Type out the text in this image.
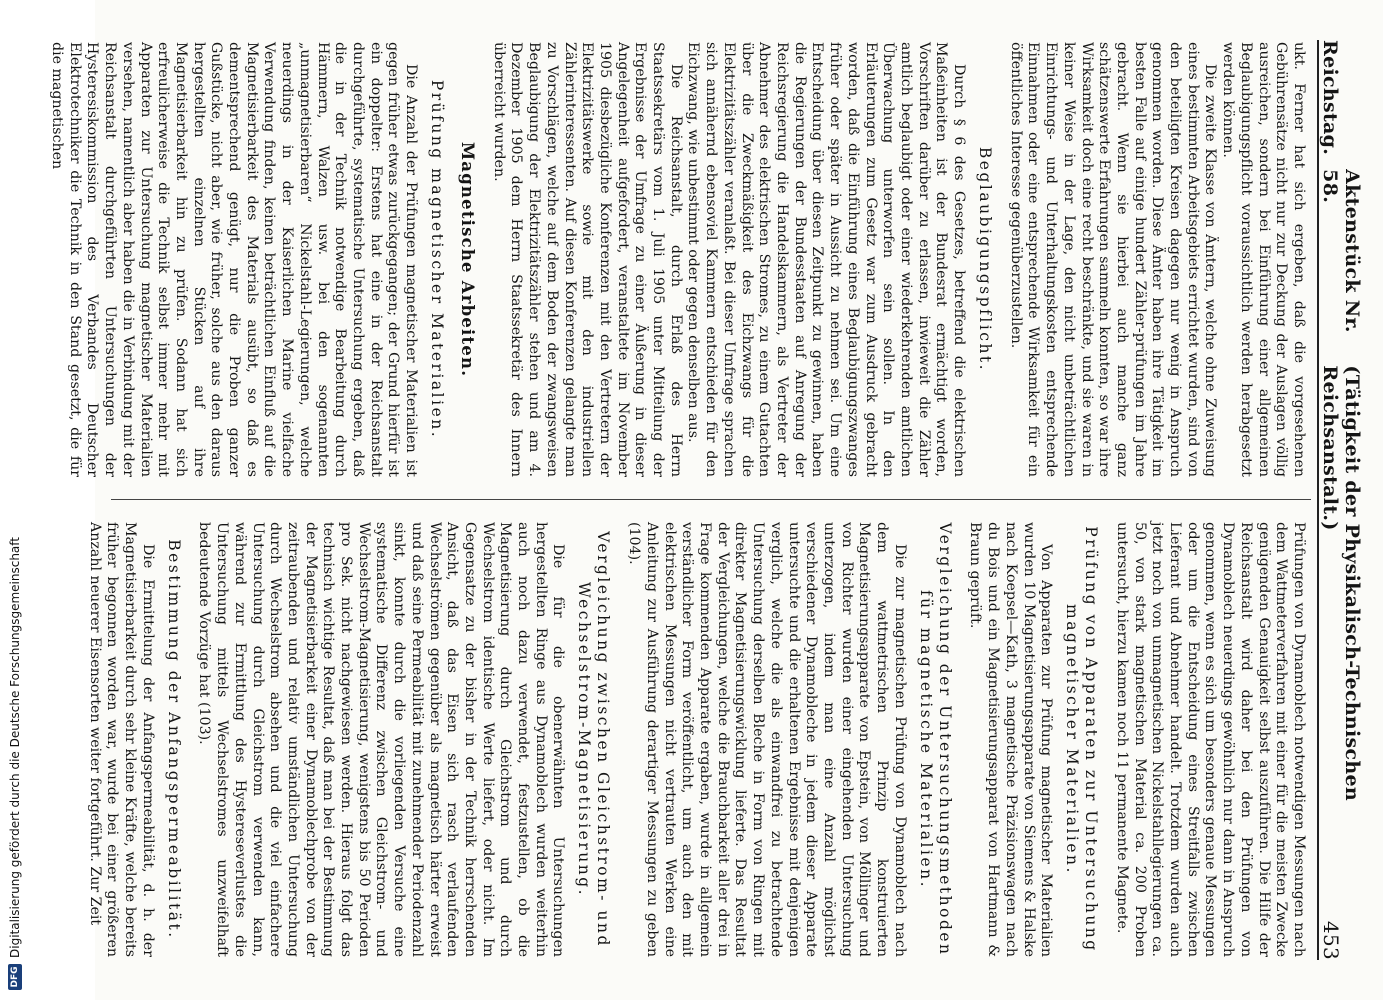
DFG
Digitalisierung gefördert durch die Deutsche Forschungsgemeinschaft
Reichstag.
Aktenstück Nr. 58.
(Tätigkeit der Physikalisch-Technischen Reichsanstalt.)
453

ukt. Ferner hat sich ergeben, daß die vorgesehenen Gebührensätze nicht nur zur Deckung der Auslagen völlig ausreichen, sondern bei Einführung einer allgemeinen Beglaubigungspflicht voraussichtlich werden herabgesetzt werden können.

Die zweite Klasse von Ämtern, welche ohne Zuweisung eines bestimmten Arbeitsgebiets errichtet wurden, sind von den beteiligten Kreisen dagegen nur wenig in Anspruch genommen worden. Diese Ämter haben ihre Tätigkeit im besten Falle auf einige hundert Zähler-prüfungen im Jahre gebracht. Wenn sie hierbei auch manche ganz schätzenswerte Erfahrungen sammeln konnten, so war ihre Wirksamkeit doch eine recht beschränkte, und sie waren in keiner Weise in der Lage, den nicht unbeträchtlichen Einrichtungs- und Unterhaltungskosten entsprechende Einnahmen oder eine entsprechende Wirksamkeit für ein öffentliches Interesse gegenüberzustellen.

Beglaubigungspflicht.

Durch § 6 des Gesetzes, betreffend die elektrischen Maßeinheiten ist der Bundesrat ermächtigt worden, Vorschriften darüber zu erlassen, inwieweit die Zähler amtlich beglaubigt oder einer wiederkehrenden amtlichen Überwachung unterworfen sein sollen. In den Erläuterungen zum Gesetz war zum Ausdruck gebracht worden, daß die Einführung eines Beglaubigungszwanges früher oder später in Aussicht zu nehmen sei. Um eine Entscheidung über diesen Zeitpunkt zu gewinnen, haben die Regierungen der Bundesstaaten auf Anregung der Reichsregierung die Handelskammern, als Vertreter der Abnehmer des elektrischen Stromes, zu einem Gutachten über die Zweckmäßigkeit des Eichzwangs für die Elektrizitätszähler veranlaßt. Bei dieser Umfrage sprachen sich annähernd ebensoviel Kammern entschieden für den Eichzwang, wie unbestimmt oder gegen denselben aus.

Die Reichsanstalt, durch Erlaß des Herrn Staatssekretärs vom 1. Juli 1905 unter Mitteilung der Ergebnisse der Umfrage zu einer Äußerung in dieser Angelegenheit aufgefordert, veranstaltete im November 1905 diesbezügliche Konferenzen mit den Vertretern der Elektrizitätswerke sowie mit den industriellen Zählerinteressenten. Auf diesen Konferenzen gelangte man zu Vorschlägen, welche auf dem Boden der zwangsweisen Beglaubigung der Elektrizitätszähler stehen und am 4. Dezember 1905 dem Herrn Staatssekretär des Innern überreicht wurden.

Magnetische Arbeiten.
Prüfung magnetischer Materialien.

Die Anzahl der Prüfungen magnetischer Materialien ist gegen früher etwas zurückgegangen; der Grund hierfür ist ein doppelter: Erstens hat eine in der Reichsanstalt durchgeführte, systematische Untersuchung ergeben, daß die in der Technik notwendige Bearbeitung durch Hämmern, Walzen usw. bei den sogenannten „unmagnetisierbaren“ Nickelstahl-Legierungen, welche neuerdings in der Kaiserlichen Marine vielfache Verwendung finden, keinen beträchtlichen Einfluß auf die Magnetisierbarkeit des Materials ausübt, so daß es dementsprechend genügt, nur die Proben ganzer Gußstücke, nicht aber, wie früher, solche aus den daraus hergestellten einzelnen Stücken auf ihre Magnetisierbarkeit hin zu prüfen. Sodann hat sich erfreulicherweise die Technik selbst immer mehr mit Apparaten zur Untersuchung magnetischer Materialien versehen, namentlich aber haben die in Verbindung mit der Reichsanstalt durchgeführten Untersuchungen der Hysteresiskommission des Verbandes Deutscher Elektrotechniker die Technik in den Stand gesetzt, die für die magnetischen

Prüfungen von Dynamoblech notwendigen Messungen nach dem Wattmeterverfahren mit einer für die meisten Zwecke genügenden Genauigkeit selbst auszuführen. Die Hilfe der Reichsanstalt wird daher bei den Prüfungen von Dynamoblech neuerdings gewöhnlich nur dann in Anspruch genommen, wenn es sich um besonders genaue Messungen oder um die Entscheidung eines Streitfalls zwischen Lieferant und Abnehmer handelt. Trotzdem wurden auch jetzt noch von unmagnetischen Nickelstahllegierungen ca. 50, von stark magnetischen Material ca. 200 Proben untersucht, hierzu kamen noch 11 permanente Magnete.

Prüfung von Apparaten zur Untersuchung magnetischer Materialien.

Von Apparaten zur Prüfung magnetischer Materialien wurden 10 Magnetisierungsapparate von Siemens & Halske nach Koepsel—Kath, 3 magnetische Präzisionswagen nach du Bois und ein Magnetisierungsapparat von Hartmann & Braun geprüft.

Vergleichung der Untersuchungsmethoden für magnetische Materialien.

Die zur magnetischen Prüfung von Dynamoblech nach dem wattmetrischen Prinzip konstruierten Magnetisierungsapparate von Epstein, von Möllinger und von Richter wurden einer eingehenden Untersuchung unterzogen, indem man eine Anzahl möglichst verschiedener Dynamobleche in jedem dieser Apparate untersuchte und die erhaltenen Ergebnisse mit denjenigen verglich, welche die als einwandfrei zu betrachtende Untersuchung derselben Bleche in Form von Ringen mit direkter Magnetisierungswicklung lieferte. Das Resultat der Vergleichungen, welche die Brauchbarkeit aller drei in Frage kommenden Apparate ergaben, wurde in allgemein verständlicher Form veröffentlicht, um auch den mit elektrischen Messungen nicht vertrauten Werken eine Anleitung zur Ausführung derartiger Messungen zu geben (104).

Vergleichung zwischen Gleichstrom- und Wechselstrom-Magnetisierung.

Die für die obenerwähnten Untersuchungen hergestellten Ringe aus Dynamoblech wurden weiterhin auch noch dazu verwendet, festzustellen, ob die Magnetisierung durch Gleichstrom und durch Wechselstrom identische Werte liefert, oder nicht. Im Gegensatze zu der bisher in der Technik herrschenden Ansicht, daß das Eisen sich rasch verlaufenden Wechselströmen gegenüber als magnetisch härter erweist und daß seine Permeabilität mit zunehmender Periodenzahl sinkt, konnte durch die vorliegenden Versuche eine systematische Differenz zwischen Gleichstrom- und Wechselstrom-Magnetisierung, wenigstens bis 50 Perioden pro Sek. nicht nachgewiesen werden. Hieraus folgt das technisch wichtige Resultat, daß man bei der Bestimmung der Magnetisierbarkeit einer Dynamoblechprobe von der zeitraubenden und relativ umständlichen Untersuchung durch Wechselstrom absehen und die viel einfachere Untersuchung durch Gleichstrom verwenden kann, während zur Ermittlung des Hystereseverlustes die Untersuchung mittels Wechselstromes unzweifelhaft bedeutende Vorzüge hat (103).

Bestimmung der Anfangspermeabilität.

Die Ermittelung der Anfangspermeabilität, d. h. der Magnetisierbarkeit durch sehr kleine Kräfte, welche bereits früher begonnen worden war, wurde bei einer größeren Anzahl neuerer Eisensorten weiter fortgeführt. Zur Zeit
